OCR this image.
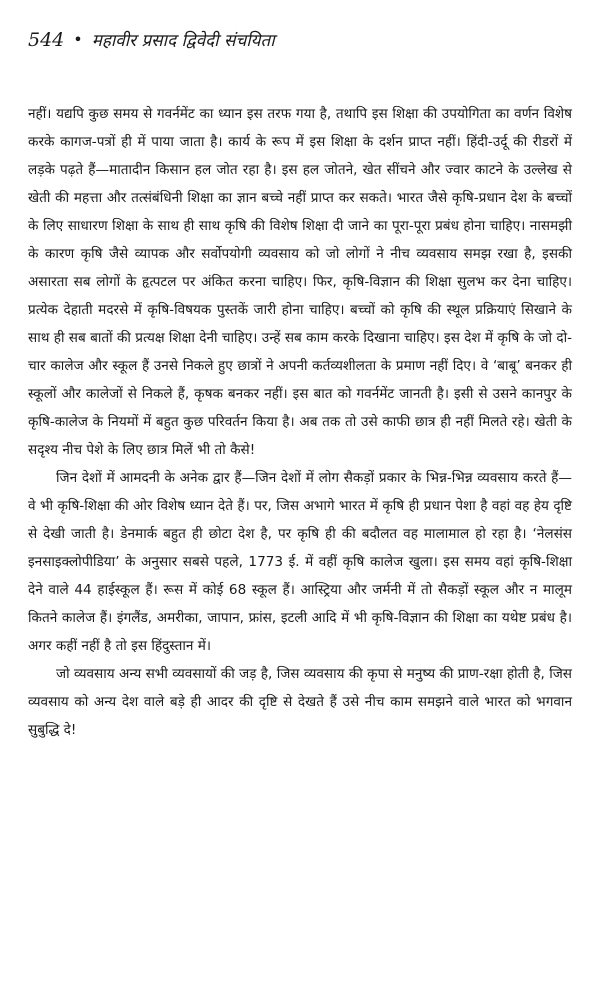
544 • महावीर प्रसाद द्विवेदी संचयिता

नहीं। यद्यपि कुछ समय से गवर्नमेंट का ध्यान इस तरफ गया है, तथापि इस शिक्षा की उपयोगिता का वर्णन विशेष करके कागज-पत्रों ही में पाया जाता है। कार्य के रूप में इस शिक्षा के दर्शन प्राप्त नहीं। हिंदी-उर्दू की रीडरों में लड़के पढ़ते हैं—मातादीन किसान हल जोत रहा है। इस हल जोतने, खेत सींचने और ज्वार काटने के उल्लेख से खेती की महत्ता और तत्संबंधिनी शिक्षा का ज्ञान बच्चे नहीं प्राप्त कर सकते। भारत जैसे कृषि-प्रधान देश के बच्चों के लिए साधारण शिक्षा के साथ ही साथ कृषि की विशेष शिक्षा दी जाने का पूरा-पूरा प्रबंध होना चाहिए। नासमझी के कारण कृषि जैसे व्यापक और सर्वोपयोगी व्यवसाय को जो लोगों ने नीच व्यवसाय समझ रखा है, इसकी असारता सब लोगों के हृत्पटल पर अंकित करना चाहिए। फिर, कृषि-विज्ञान की शिक्षा सुलभ कर देना चाहिए। प्रत्येक देहाती मदरसे में कृषि-विषयक पुस्तकें जारी होना चाहिए। बच्चों को कृषि की स्थूल प्रक्रियाएं सिखाने के साथ ही सब बातों की प्रत्यक्ष शिक्षा देनी चाहिए। उन्हें सब काम करके दिखाना चाहिए। इस देश में कृषि के जो दो-चार कालेज और स्कूल हैं उनसे निकले हुए छात्रों ने अपनी कर्तव्यशीलता के प्रमाण नहीं दिए। वे ‘बाबू’ बनकर ही स्कूलों और कालेजों से निकले हैं, कृषक बनकर नहीं। इस बात को गवर्नमेंट जानती है। इसी से उसने कानपुर के कृषि-कालेज के नियमों में बहुत कुछ परिवर्तन किया है। अब तक तो उसे काफी छात्र ही नहीं मिलते रहे। खेती के सदृश्य नीच पेशे के लिए छात्र मिलें भी तो कैसे!

जिन देशों में आमदनी के अनेक द्वार हैं—जिन देशों में लोग सैकड़ों प्रकार के भिन्न-भिन्न व्यवसाय करते हैं—वे भी कृषि-शिक्षा की ओर विशेष ध्यान देते हैं। पर, जिस अभागे भारत में कृषि ही प्रधान पेशा है वहां वह हेय दृष्टि से देखी जाती है। डेनमार्क बहुत ही छोटा देश है, पर कृषि ही की बदौलत वह मालामाल हो रहा है। ‘नेलसंस इनसाइक्लोपीडिया’ के अनुसार सबसे पहले, 1773 ई. में वहीं कृषि कालेज खुला। इस समय वहां कृषि-शिक्षा देने वाले 44 हाईस्कूल हैं। रूस में कोई 68 स्कूल हैं। आस्ट्रिया और जर्मनी में तो सैकड़ों स्कूल और न मालूम कितने कालेज हैं। इंगलैंड, अमरीका, जापान, फ्रांस, इटली आदि में भी कृषि-विज्ञान की शिक्षा का यथेष्ट प्रबंध है। अगर कहीं नहीं है तो इस हिंदुस्तान में।

जो व्यवसाय अन्य सभी व्यवसायों की जड़ है, जिस व्यवसाय की कृपा से मनुष्य की प्राण-रक्षा होती है, जिस व्यवसाय को अन्य देश वाले बड़े ही आदर की दृष्टि से देखते हैं उसे नीच काम समझने वाले भारत को भगवान सुबुद्धि दे!
